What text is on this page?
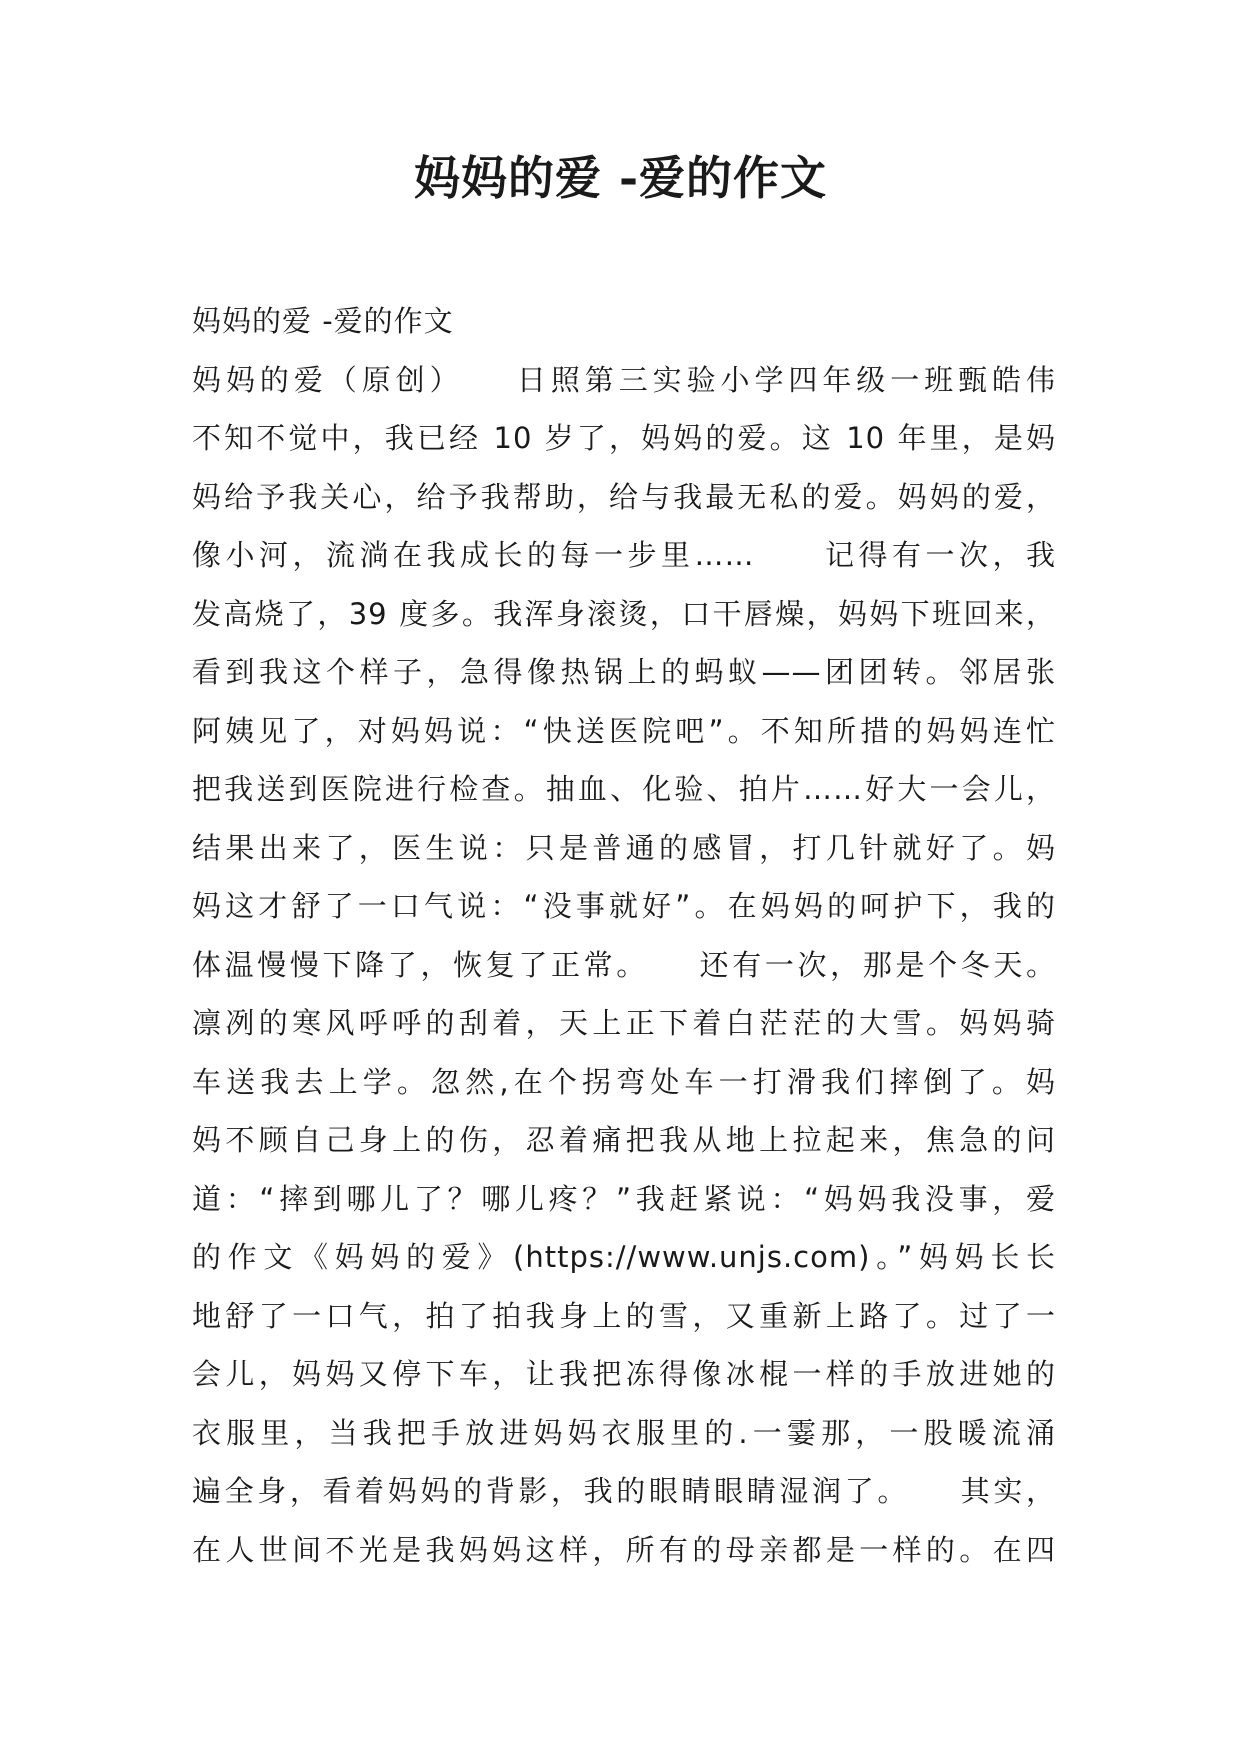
妈妈的爱 -爱的作文
妈妈的爱 -爱的作文
妈妈的爱（原创）　　日照第三实验小学四年级一班甄皓伟
不知不觉中，我已经 10 岁了，妈妈的爱。这 10 年里，是妈
妈给予我关心，给予我帮助，给与我最无私的爱。妈妈的爱，
像小河，流淌在我成长的每一步里……　　记得有一次，我
发高烧了，39 度多。我浑身滚烫，口干唇燥，妈妈下班回来，
看到我这个样子，急得像热锅上的蚂蚁——团团转。邻居张
阿姨见了，对妈妈说：“快送医院吧”。不知所措的妈妈连忙
把我送到医院进行检查。抽血、化验、拍片……好大一会儿，
结果出来了，医生说：只是普通的感冒，打几针就好了。妈
妈这才舒了一口气说：“没事就好”。在妈妈的呵护下，我的
体温慢慢下降了，恢复了正常。　　还有一次，那是个冬天。
凛冽的寒风呼呼的刮着，天上正下着白茫茫的大雪。妈妈骑
车送我去上学。忽然,在个拐弯处车一打滑我们摔倒了。妈
妈不顾自己身上的伤，忍着痛把我从地上拉起来，焦急的问
道：“摔到哪儿了？哪儿疼？”我赶紧说：“妈妈我没事，爱
的作文《妈妈的爱》(https://www.unjs.com)。”妈妈长长
地舒了一口气，拍了拍我身上的雪，又重新上路了。过了一
会儿，妈妈又停下车，让我把冻得像冰棍一样的手放进她的
衣服里，当我把手放进妈妈衣服里的.一霎那，一股暖流涌
遍全身，看着妈妈的背影，我的眼睛眼睛湿润了。　　其实，
在人世间不光是我妈妈这样，所有的母亲都是一样的。在四
